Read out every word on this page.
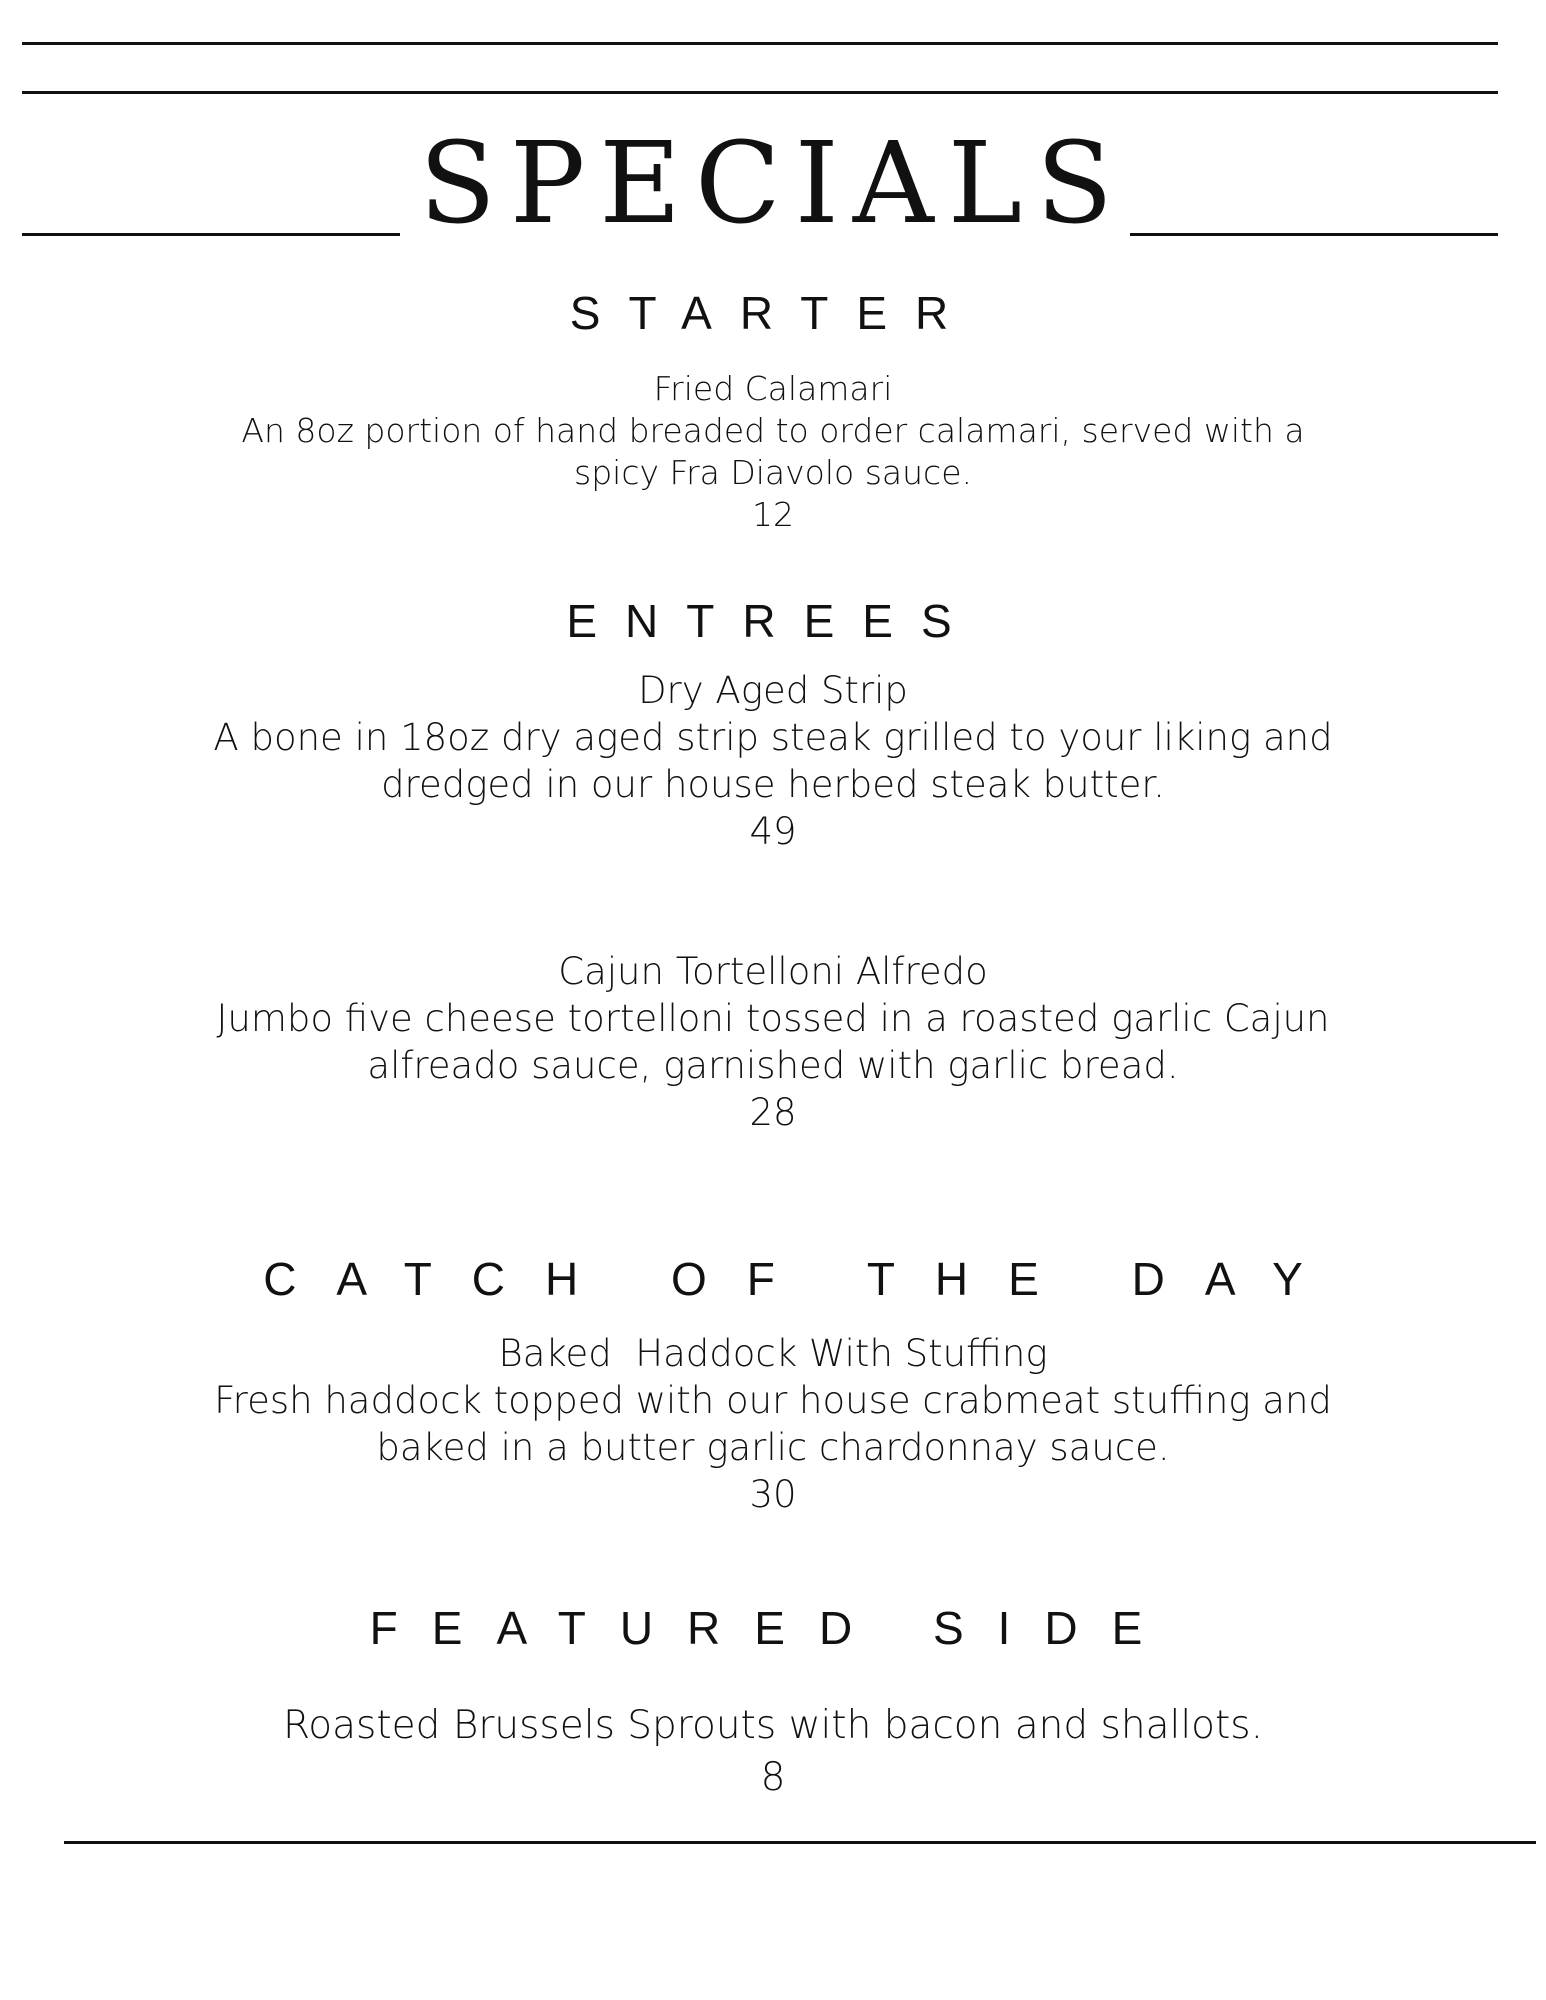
SPECIALS
STARTER
Fried Calamari
An 8oz portion of hand breaded to order calamari, served with a
spicy Fra Diavolo sauce.
12
ENTREES
Dry Aged Strip
A bone in 18oz dry aged strip steak grilled to your liking and
dredged in our house herbed steak butter.
49
Cajun Tortelloni Alfredo
Jumbo five cheese tortelloni tossed in a roasted garlic Cajun
alfreado sauce, garnished with garlic bread.
28
CATCH OF THE DAY
Baked  Haddock With Stuffing
Fresh haddock topped with our house crabmeat stuffing and
baked in a butter garlic chardonnay sauce.
30
FEATURED SIDE
Roasted Brussels Sprouts with bacon and shallots.
8
